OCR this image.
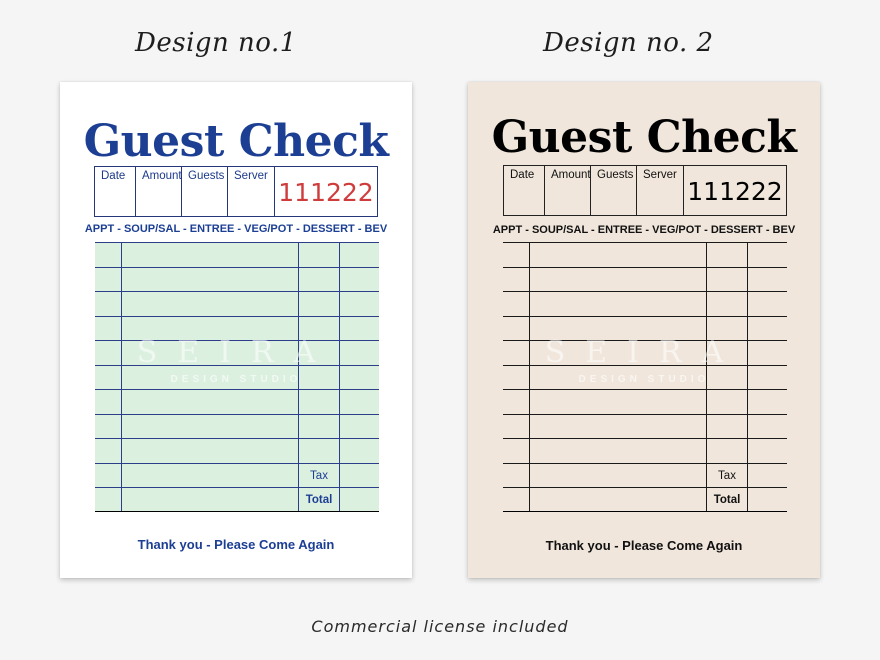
Design no.1	Design no. 2
Guest Check
Date	Amount Guests Server
111222
APPT - SOUP/SAL - ENTREE - VEG/POT - DESSERT - BEV
Tax
Total
SEIRA
DESIGN STUDIO
Thank you - Please Come Again
Guest Check
Date	Amount Guests Server
111222
APPT - SOUP/SAL - ENTREE - VEG/POT - DESSERT - BEV
Tax
Total
SEIRA
DESIGN STUDIO
Thank you - Please Come Again
Commercial license included
